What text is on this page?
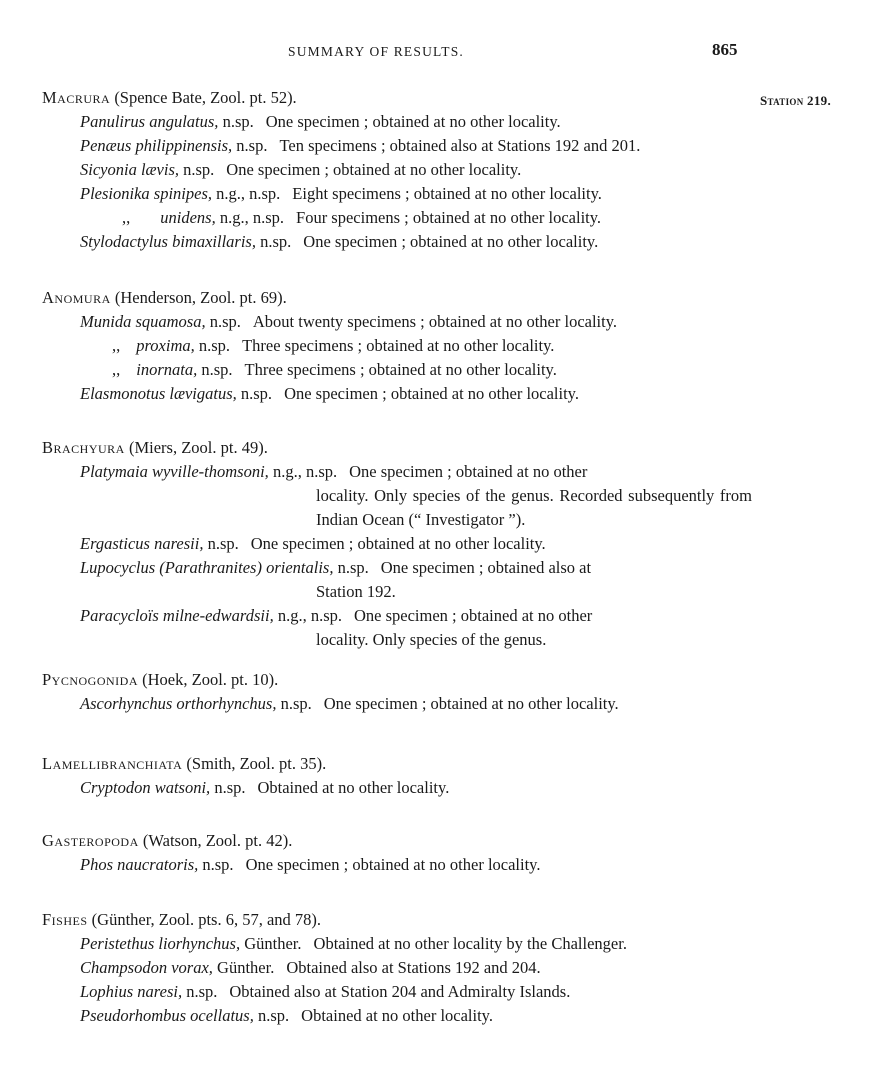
SUMMARY OF RESULTS.	865
Station 219.
Macrura (Spence Bate, Zool. pt. 52).
Panulirus angulatus, n.sp. One specimen ; obtained at no other locality.
Penæus philippinensis, n.sp. Ten specimens ; obtained also at Stations 192 and 201.
Sicyonia lævis, n.sp. One specimen ; obtained at no other locality.
Plesionika spinipes, n.g., n.sp. Eight specimens ; obtained at no other locality.
,, unidens, n.g., n.sp. Four specimens ; obtained at no other locality.
Stylodactylus bimaxillaris, n.sp. One specimen ; obtained at no other locality.
Anomura (Henderson, Zool. pt. 69).
Munida squamosa, n.sp. About twenty specimens ; obtained at no other locality.
,, proxima, n.sp. Three specimens ; obtained at no other locality.
,, inornata, n.sp. Three specimens ; obtained at no other locality.
Elasmonotus lævigatus, n.sp. One specimen ; obtained at no other locality.
Brachyura (Miers, Zool. pt. 49).
Platymaia wyville-thomsoni, n.g., n.sp. One specimen ; obtained at no other
locality. Only species of the genus. Recorded subsequently from Indian Ocean (“ Investigator ”).
Ergasticus naresii, n.sp. One specimen ; obtained at no other locality.
Lupocyclus (Parathranites) orientalis, n.sp. One specimen ; obtained also at
Station 192.
Paracycloïs milne-edwardsii, n.g., n.sp. One specimen ; obtained at no other
locality. Only species of the genus.
Pycnogonida (Hoek, Zool. pt. 10).
Ascorhynchus orthorhynchus, n.sp. One specimen ; obtained at no other locality.
Lamellibranchiata (Smith, Zool. pt. 35).
Cryptodon watsoni, n.sp. Obtained at no other locality.
Gasteropoda (Watson, Zool. pt. 42).
Phos naucratoris, n.sp. One specimen ; obtained at no other locality.
Fishes (Günther, Zool. pts. 6, 57, and 78).
Peristethus liorhynchus, Günther. Obtained at no other locality by the Challenger.
Champsodon vorax, Günther. Obtained also at Stations 192 and 204.
Lophius naresi, n.sp. Obtained also at Station 204 and Admiralty Islands.
Pseudorhombus ocellatus, n.sp. Obtained at no other locality.
